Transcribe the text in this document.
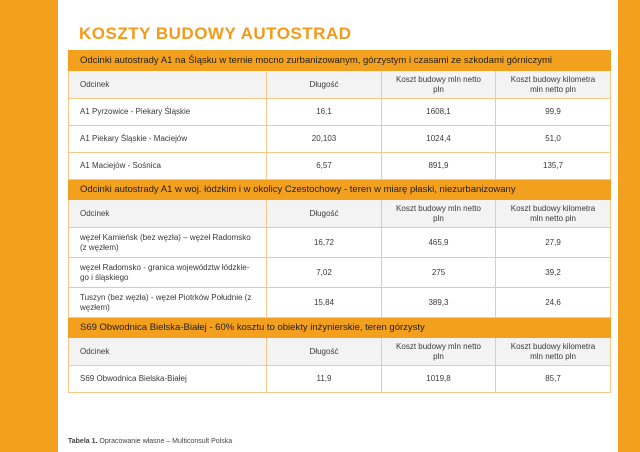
KOSZTY BUDOWY AUTOSTRAD
Odcinki autostrady A1 na Śląsku w ternie mocno zurbanizowanym, górzystym i czasami ze szkodami górniczymi			
Odcinek	Długość	Koszt budowy mln netto pln	Koszt budowy kilometra mln netto pln
A1 Pyrzowice - Piekary Śląskie	16,1	1608,1	99,9
A1 Piekary Śląskie - Maciejów	20,103	1024,4	51,0
A1 Maciejów - Sośnica	6,57	891,9	135,7
Odcinki autostrady A1 w woj. łódzkim i w okolicy Czestochowy - teren w miarę płaski, niezurbanizowany			
Odcinek	Długość	Koszt budowy mln netto pln	Koszt budowy kilometra mln netto pln
węzeł Kamieńsk (bez węzła) – węzeł Radomsko (z węzłem)	16,72	465,9	27,9
węzeł Radomsko - granica województw łódzkie-go i śląskiego	7,02	275	39,2
Tuszyn (bez węzła) - węzeł Piotrków Południe (z węzłem)	15,84	389,3	24,6
S69 Obwodnica Bielska-Białej - 60% kosztu to obiekty inżynierskie, teren górzysty			
Odcinek	Długość	Koszt budowy mln netto pln	Koszt budowy kilometra mln netto pln
S69 Obwodnica Bielska-Białej	11,9	1019,8	85,7
Tabela 1. Opracowanie własne – Multiconsult Polska
